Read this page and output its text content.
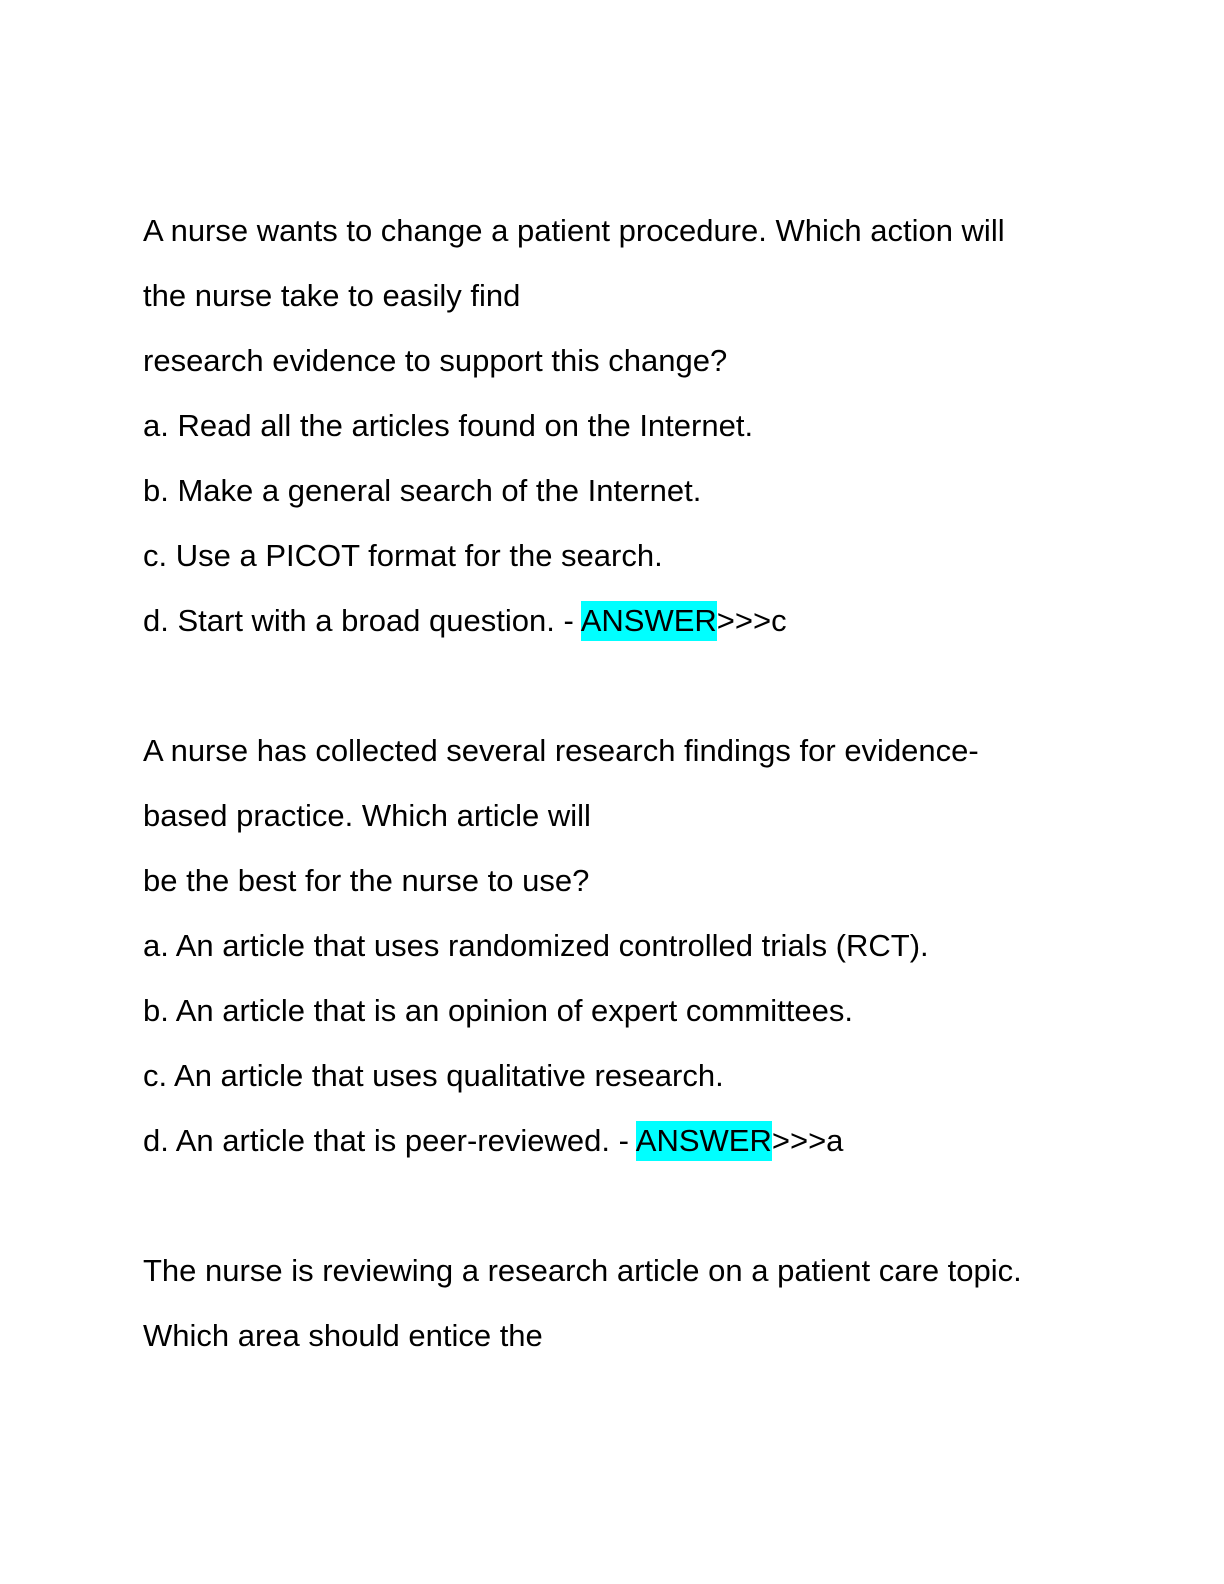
A nurse wants to change a patient procedure. Which action will
the nurse take to easily find
research evidence to support this change?
a. Read all the articles found on the Internet.
b. Make a general search of the Internet.
c. Use a PICOT format for the search.
d. Start with a broad question. - ANSWER>>>c
A nurse has collected several research findings for evidence-
based practice. Which article will
be the best for the nurse to use?
a. An article that uses randomized controlled trials (RCT).
b. An article that is an opinion of expert committees.
c. An article that uses qualitative research.
d. An article that is peer-reviewed. - ANSWER>>>a
The nurse is reviewing a research article on a patient care topic.
Which area should entice the
